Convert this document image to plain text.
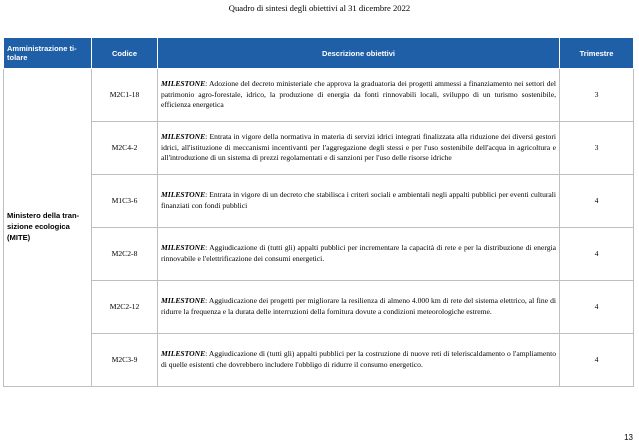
Quadro di sintesi degli obiettivi al 31 dicembre 2022
Amministrazione ti-tolare	Codice	Descrizione obiettivi	Trimestre
Ministero della tran-sizione ecologica (MITE)	M2C1-18	MILESTONE: Adozione del decreto ministeriale che approva la graduatoria dei progetti ammessi a finanziamento nei settori del patrimonio agro-forestale, idrico, la produzione di energia da fonti rinnovabili locali, sviluppo di un turismo sostenibile, efficienza energetica	3
	M2C4-2	MILESTONE: Entrata in vigore della normativa in materia di servizi idrici integrati finalizzata alla riduzione dei diversi gestori idrici, all'istituzione di meccanismi incentivanti per l'aggregazione degli stessi e per l'uso sostenibile dell'acqua in agricoltura e all'introduzione di un sistema di prezzi regolamentati e di sanzioni per l'uso delle risorse idriche	3
	M1C3-6	MILESTONE: Entrata in vigore di un decreto che stabilisca i criteri sociali e ambientali negli appalti pubblici per eventi culturali finanziati con fondi pubblici	4
	M2C2-8	MILESTONE: Aggiudicazione di (tutti gli) appalti pubblici per incrementare la capacità di rete e per la distribuzione di energia rinnovabile e l'elettrificazione dei consumi energetici.	4
	M2C2-12	MILESTONE: Aggiudicazione dei progetti per migliorare la resilienza di almeno 4.000 km di rete del sistema elettrico, al fine di ridurre la frequenza e la durata delle interruzioni della fornitura dovute a condizioni meteorologiche estreme.	4
	M2C3-9	MILESTONE: Aggiudicazione di (tutti gli) appalti pubblici per la costruzione di nuove reti di teleriscaldamento o l'ampliamento di quelle esistenti che dovrebbero includere l'obbligo di ridurre il consumo energetico.	4
13
